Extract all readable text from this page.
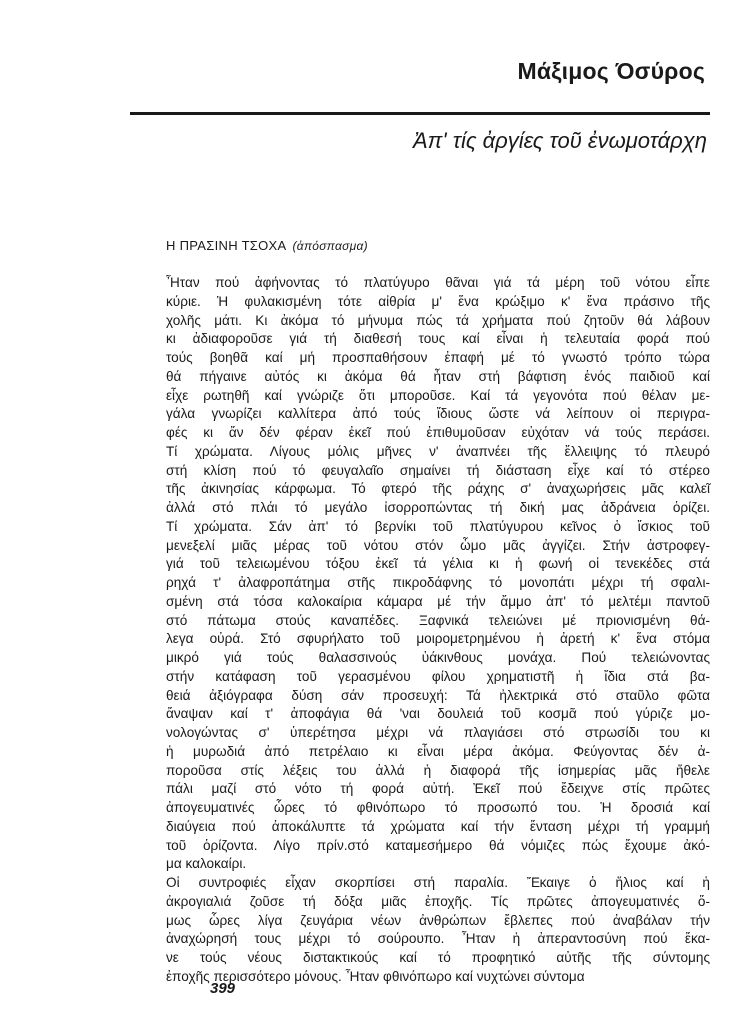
Μάξιμος Όσύρος
Ἀπ' τίς ἀργίες τοῦ ἐνωμοτάρχη
Η ΠΡΑΣΙΝΗ ΤΣΟΧΑ (ἀπόσπασμα)
Ἦταν πού ἀφήνοντας τό πλατύγυρο θᾶναι γιά τά μέρη τοῦ νότου εἶπε
κύριε. Ἡ φυλακισμένη τότε αἰθρία μ' ἕνα κρώξιμο κ' ἕνα πράσινο τῆς
χολῆς μάτι. Κι ἀκόμα τό μήνυμα πώς τά χρήματα πού ζητοῦν θά λάβουν
κι ἀδιαφοροῦσε γιά τή διαθεσή τους καί εἶναι ἡ τελευταία φορά πού
τούς βοηθᾶ καί μή προσπαθήσουν ἐπαφή μέ τό γνωστό τρόπο τώρα
θά πήγαινε αὐτός κι ἀκόμα θά ἦταν στή βάφτιση ἑνός παιδιοῦ καί
εἶχε ρωτηθῆ καί γνώριζε ὅτι μποροῦσε. Καί τά γεγονότα πού θέλαν με-
γάλα γνωρίζει καλλίτερα ἀπό τούς ἴδιους ὥστε νά λείπουν οἱ περιγρα-
φές κι ἄν δέν φέραν ἐκεῖ πού ἐπιθυμοῦσαν εὐχόταν νά τούς περάσει.
Τί χρώματα. Λίγους μόλις μῆνες ν' ἀναπνέει τῆς ἔλλειψης τό πλευρό
στή κλίση πού τό φευγαλαῖο σημαίνει τή διάσταση εἶχε καί τό στέρεο
τῆς ἀκινησίας κάρφωμα. Τό φτερό τῆς ράχης σ' ἀναχωρήσεις μᾶς καλεῖ
ἀλλά στό πλάι τό μεγάλο ἰσορροπώντας τή δική μας ἀδράνεια ὁρίζει.
Τί χρώματα. Σάν ἀπ' τό βερνίκι τοῦ πλατύγυρου κεῖνος ὁ ἴσκιος τοῦ
μενεξελί μιᾶς μέρας τοῦ νότου στόν ὦμο μᾶς ἀγγίζει. Στήν ἀστροφεγ-
γιά τοῦ τελειωμένου τόξου ἐκεῖ τά γέλια κι ἡ φωνή οἱ τενεκέδες στά
ρηχά τ' ἀλαφροπάτημα στῆς πικροδάφνης τό μονοπάτι μέχρι τή σφαλι-
σμένη στά τόσα καλοκαίρια κάμαρα μέ τήν ἄμμο ἀπ' τό μελτέμι παντοῦ
στό πάτωμα στούς καναπέδες. Ξαφνικά τελειώνει μέ πριονισμένη θά-
λεγα οὐρά. Στό σφυρήλατο τοῦ μοιρομετρημένου ἡ ἀρετή κ' ἕνα στόμα
μικρό γιά τούς θαλασσινούς ὑάκινθους μονάχα. Πού τελειώνοντας
στήν κατάφαση τοῦ γερασμένου φίλου χρηματιστῆ ἡ ἴδια στά βα-
θειά ἀξιόγραφα δύση σάν προσευχή: Τά ἠλεκτρικά στό σταῦλο φῶτα
ἄναψαν καί τ' ἀποφάγια θά 'ναι δουλειά τοῦ κοσμᾶ πού γύριζε μο-
νολογώντας σ' ὑπερέτησα μέχρι νά πλαγιάσει στό στρωσίδι του κι
ἡ μυρωδιά ἀπό πετρέλαιο κι εἶναι μέρα ἀκόμα. Φεύγοντας δέν ἀ-
ποροῦσα στίς λέξεις του ἀλλά ἡ διαφορά τῆς ἰσημερίας μᾶς ἤθελε
πάλι μαζί στό νότο τή φορά αὐτή. Ἐκεῖ πού ἔδειχνε στίς πρῶτες
ἀπογευματινές ὧρες τό φθινόπωρο τό πρoσωπό του. Ἡ δροσιά καί
διαύγεια πού ἀποκάλυπτε τά χρώματα καί τήν ἔνταση μέχρι τή γραμμή
τοῦ ὁρίζοντα. Λίγο πρίν.στό καταμεσήμερο θά νόμιζες πώς ἔχουμε ἀκό-
μα καλοκαίρι.
Οἱ συντροφιές εἶχαν σκορπίσει στή παραλία. Ἔκαιγε ὁ ἥλιος καί ἡ
ἀκρογιαλιά ζοῦσε τή δόξα μιᾶς ἐποχῆς. Τίς πρῶτες ἀπογευματινές ὅ-
μως ὧρες λίγα ζευγάρια νέων ἀνθρώπων ἔβλεπες πού ἀναβάλαν τήν
ἀναχώρησή τους μέχρι τό σούρουπο. Ἦταν ἡ ἀπεραντοσύνη πού ἔκα-
νε τούς νέους διστακτικούς καί τό προφητικό αὐτῆς τῆς σύντομης
ἐποχῆς περισσότερο μόνους. Ἦταν φθινόπωρο καί νυχτώνει σύντομα
399
